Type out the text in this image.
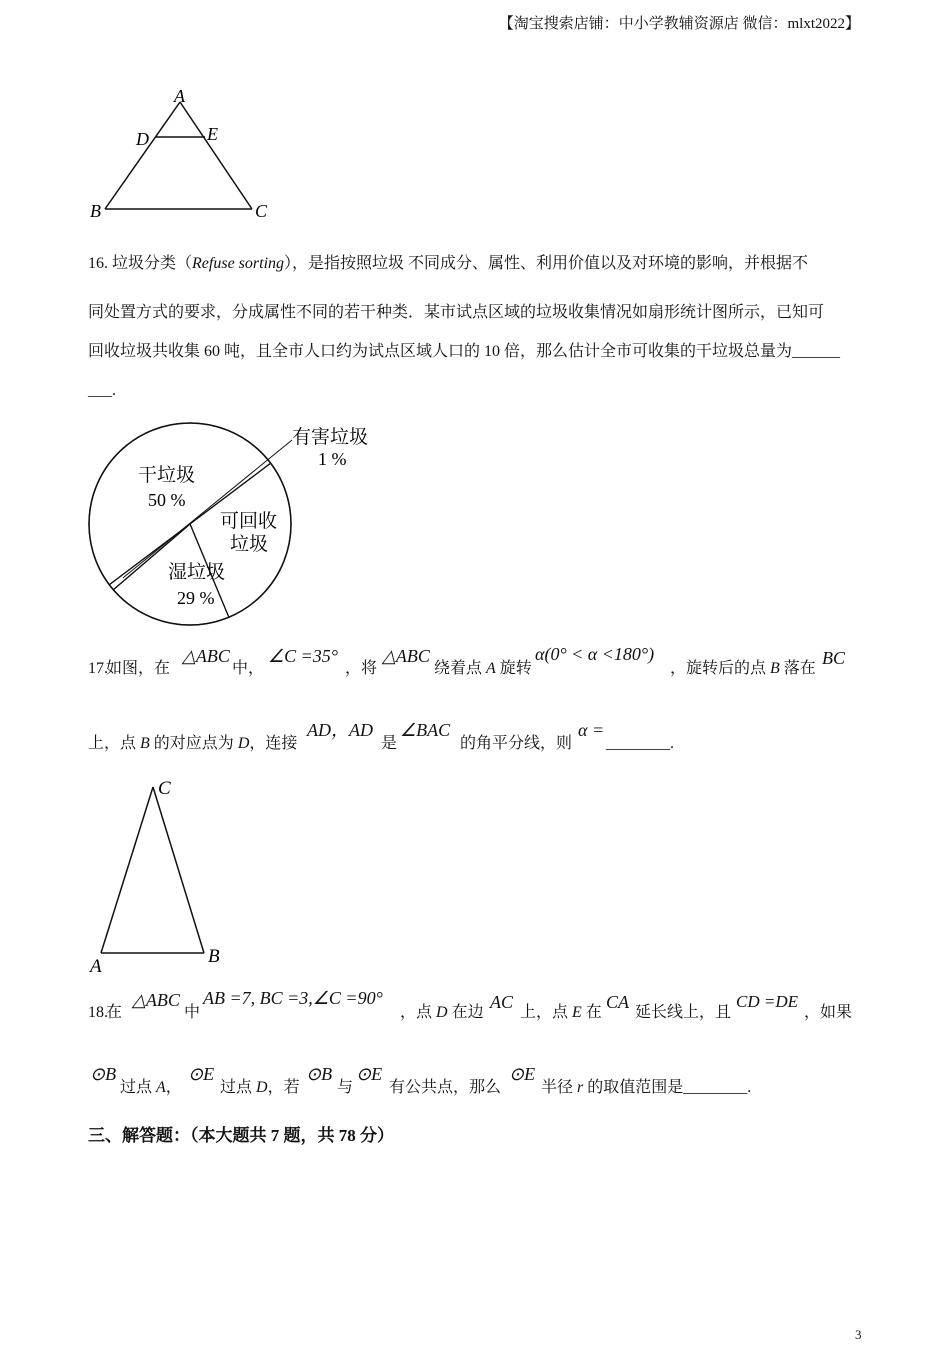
【淘宝搜索店铺：中小学教辅资源店 微信：mlxt2022】
A
D	E
B	C
16. 垃圾分类（Refuse sorting），是指按照垃圾 不同成分、属性、利用价值以及对环境的影响，并根据不
同处置方式的要求，分成属性不同的若干种类．某市试点区域的垃圾收集情况如扇形统计图所示，已知可
回收垃圾共收集 60 吨，且全市人口约为试点区域人口的 10 倍，那么估计全市可收集的干垃圾总量为______
___.
干垃圾
50 %
可回收
垃圾
湿垃圾
29 %
有害垃圾
1 %
17.
如图，在
△ABC
中，
∠C =35°
，将
△ABC
绕着点 A 旋转
α(0° < α <180°)
，旋转后的点 B 落在
BC
上，点 B 的对应点为 D，连接
AD，AD
是
∠BAC
的角平分线，则
α =
________.
C
A	B
18.
在
△ABC
中
AB =7, BC =3,∠C =90°
，点 D 在边
AC
上，点 E 在
CA
延长线上，且
CD =DE
，如果
⊙B
过点 A，
⊙E
过点 D，若
⊙B
与
⊙E
有公共点，那么
⊙E
半径 r 的取值范围是________.
三、解答题：（本大题共 7 题，共 78 分）
3
